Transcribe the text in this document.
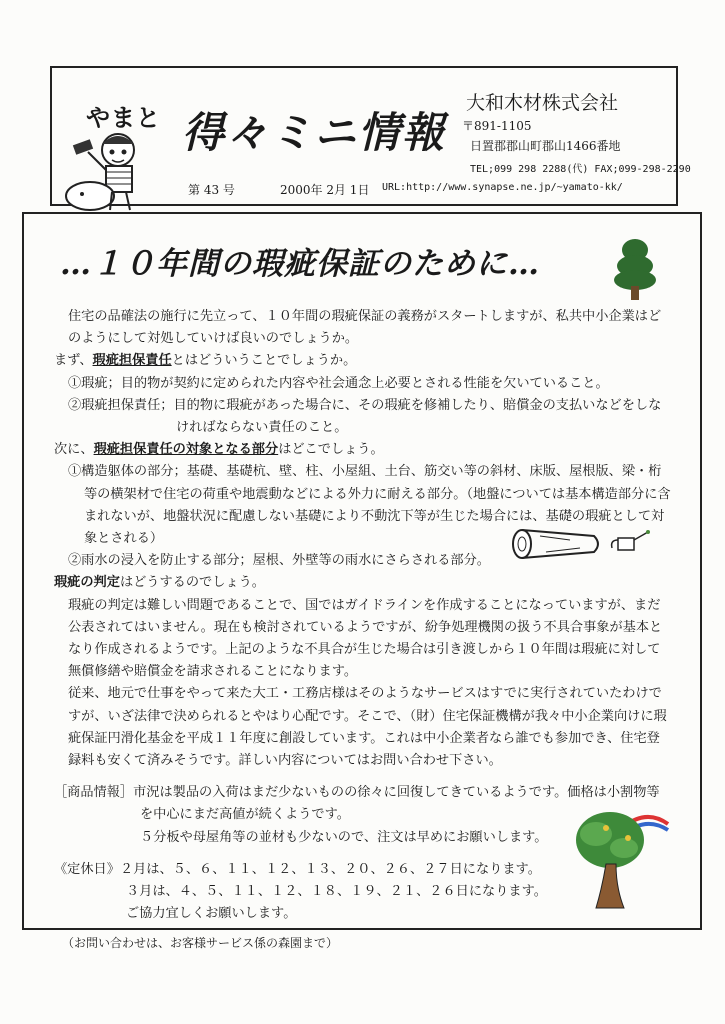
やまと 得々ミニ情報
大和木材株式会社
〒891-1105
日置郡郡山町郡山1466番地
TEL;099 298 2288(代) FAX;099-298-2290
第 43 号	2000年 2月 1日 URL:http://www.synapse.ne.jp/~yamato-kk/
…１０年間の瑕疵保証のために…

住宅の品確法の施行に先立って、１０年間の瑕疵保証の義務がスタートしますが、私共中小企業はどのようにして対処していけば良いのでしょうか。

まず、瑕疵担保責任とはどういうことでしょうか。

①瑕疵；目的物が契約に定められた内容や社会通念上必要とされる性能を欠いていること。

②瑕疵担保責任；目的物に瑕疵があった場合に、その瑕疵を修補したり、賠償金の支払いなどをしな

ければならない責任のこと。

次に、瑕疵担保責任の対象となる部分はどこでしょう。

①構造躯体の部分；基礎、基礎杭、壁、柱、小屋組、土台、筋交い等の斜材、床版、屋根版、梁・桁等の横架材で住宅の荷重や地震動などによる外力に耐える部分。（地盤については基本構造部分に含まれないが、地盤状況に配慮しない基礎により不動沈下等が生じた場合には、基礎の瑕疵として対象とされる）

②雨水の浸入を防止する部分；屋根、外壁等の雨水にさらされる部分。

瑕疵の判定はどうするのでしょう。

瑕疵の判定は難しい問題であることで、国ではガイドラインを作成することになっていますが、まだ公表されてはいません。現在も検討されているようですが、紛争処理機関の扱う不具合事象が基本となり作成されるようです。上記のような不具合が生じた場合は引き渡しから１０年間は瑕疵に対して無償修繕や賠償金を請求されることになります。

従来、地元で仕事をやって来た大工・工務店様はそのようなサービスはすでに実行されていたわけですが、いざ法律で決められるとやはり心配です。そこで、（財）住宅保証機構が我々中小企業向けに瑕疵保証円滑化基金を平成１１年度に創設しています。これは中小企業者なら誰でも参加でき、住宅登録料も安くて済みそうです。詳しい内容についてはお問い合わせ下さい。

［商品情報］市況は製品の入荷はまだ少ないものの徐々に回復してきているようです。価格は小割物等

を中心にまだ高値が続くようです。

５分板や母屋角等の並材も少ないので、注文は早めにお願いします。

《定休日》２月は、５、６、１１、１２、１３、２０、２６、２７日になります。

３月は、４、５、１１、１２、１８、１９、２１、２６日になります。

ご協力宜しくお願いします。

（お問い合わせは、お客様サービス係の森園まで）
